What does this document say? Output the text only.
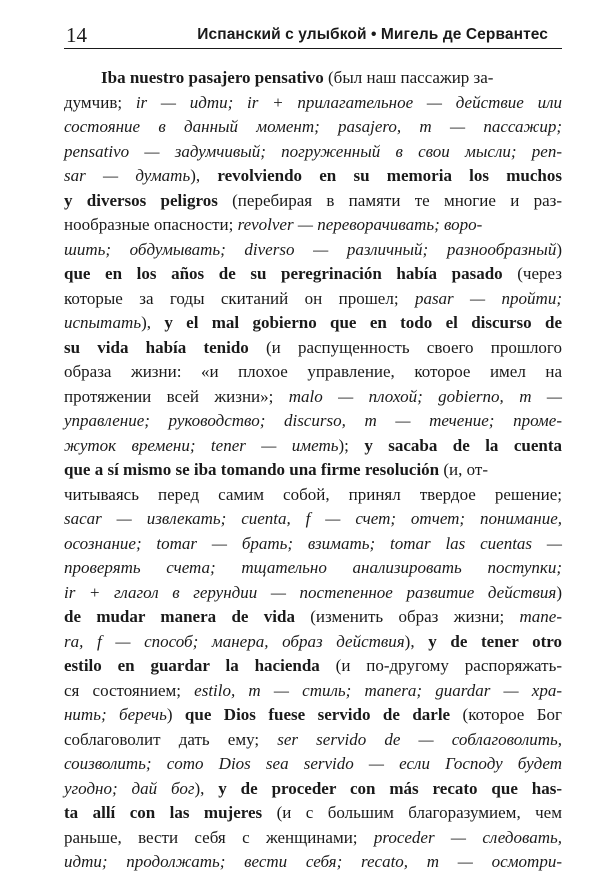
14	Испанский с улыбкой • Мигель де Сервантес
Iba nuestro pasajero pensativo (был наш пассажир за-
думчив; ir — идти; ir + прилагательное — действие или
состояние в данный момент; pasajero, т — пассажир;
pensativo — задумчивый; погруженный в свои мысли; pen-
sar — думать), revolviendo en su memoria los muchos
y diversos peligros (перебирая в памяти те многие и раз-
нообразные опасности; revolver — переворачивать; воро-
шить; обдумывать; diverso — различный; разнообразный)
que en los años de su peregrinación había pasado (через
которые за годы скитаний он прошел; pasar — пройти;
испытать), y el mal gobierno que en todo el discurso de
su vida había tenido (и распущенность своего прошлого
образа жизни: «и плохое управление, которое имел на
протяжении всей жизни»; malo — плохой; gobierno, т —
управление; руководство; discurso, т — течение; проме-
жуток времени; tener — иметь); y sacaba de la cuenta
que a sí mismo se iba tomando una firme resolución (и, от-
читываясь перед самим собой, принял твердое решение;
sacar — извлекать; cuenta, f — счет; отчет; понимание,
осознание; tomar — брать; взимать; tomar las cuentas —
проверять счета; тщательно анализировать поступки;
ir + глагол в герундии — постепенное развитие действия)
de mudar manera de vida (изменить образ жизни; mane-
ra, f — способ; манера, образ действия), y de tener otro
estilo en guardar la hacienda (и по-другому распоряжать-
ся состоянием; estilo, т — стиль; manera; guardar — хра-
нить; беречь) que Dios fuese servido de darle (которое Бог
соблаговолит дать ему; ser servido de — соблаговолить,
соизволить; como Dios sea servido — если Господу будет
угодно; дай бог), y de proceder con más recato que has-
ta allí con las mujeres (и с большим благоразумием, чем
раньше, вести себя с женщинами; proceder — следовать,
идти; продолжать; вести себя; recato, т — осмотри-
